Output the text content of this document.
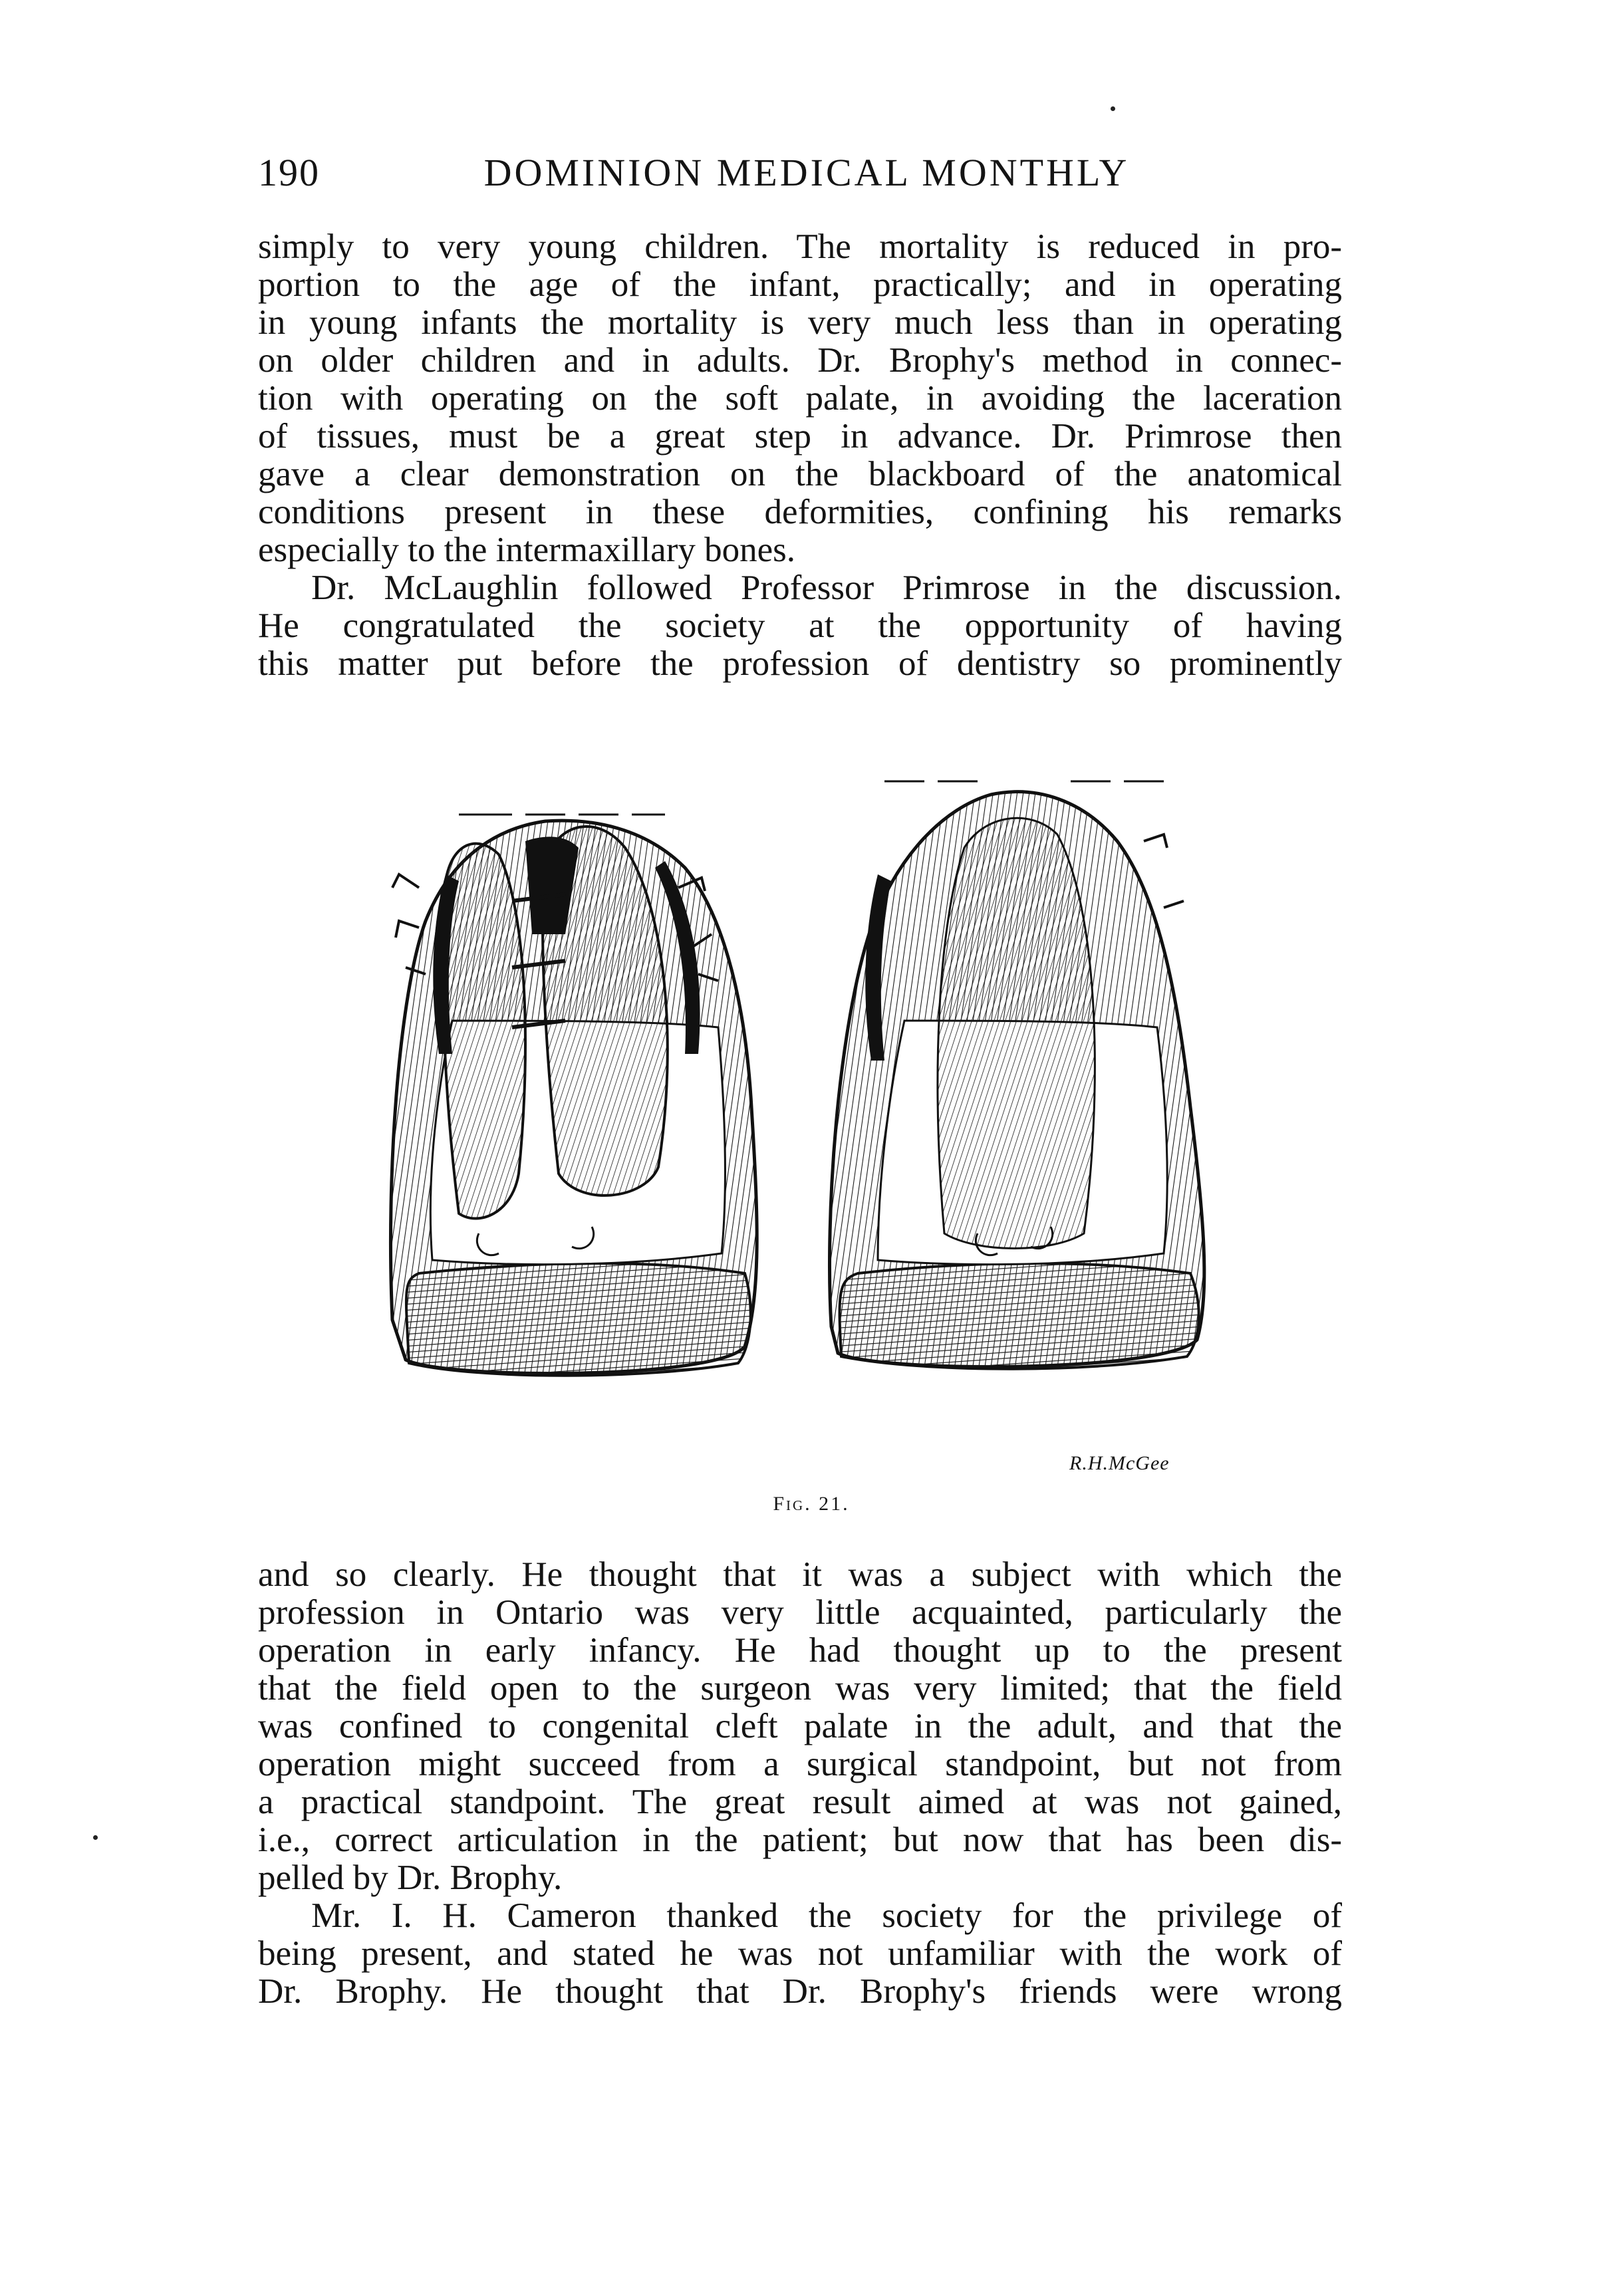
190	DOMINION MEDICAL MONTHLY

simply to very young children. The mortality is reduced in pro-
portion to the age of the infant, practically; and in operating
in young infants the mortality is very much less than in operating
on older children and in adults. Dr. Brophy's method in connec-
tion with operating on the soft palate, in avoiding the laceration
of tissues, must be a great step in advance. Dr. Primrose then
gave a clear demonstration on the blackboard of the anatomical
conditions present in these deformities, confining his remarks
especially to the intermaxillary bones.

Dr. McLaughlin followed Professor Primrose in the discussion.
He congratulated the society at the opportunity of having
this matter put before the profession of dentistry so prominently

R.H.McGee
Fig. 21.

and so clearly. He thought that it was a subject with which the
profession in Ontario was very little acquainted, particularly the
operation in early infancy. He had thought up to the present
that the field open to the surgeon was very limited; that the field
was confined to congenital cleft palate in the adult, and that the
operation might succeed from a surgical standpoint, but not from
a practical standpoint. The great result aimed at was not gained,
i.e., correct articulation in the patient; but now that has been dis-
pelled by Dr. Brophy.

Mr. I. H. Cameron thanked the society for the privilege of
being present, and stated he was not unfamiliar with the work of
Dr. Brophy. He thought that Dr. Brophy's friends were wrong
